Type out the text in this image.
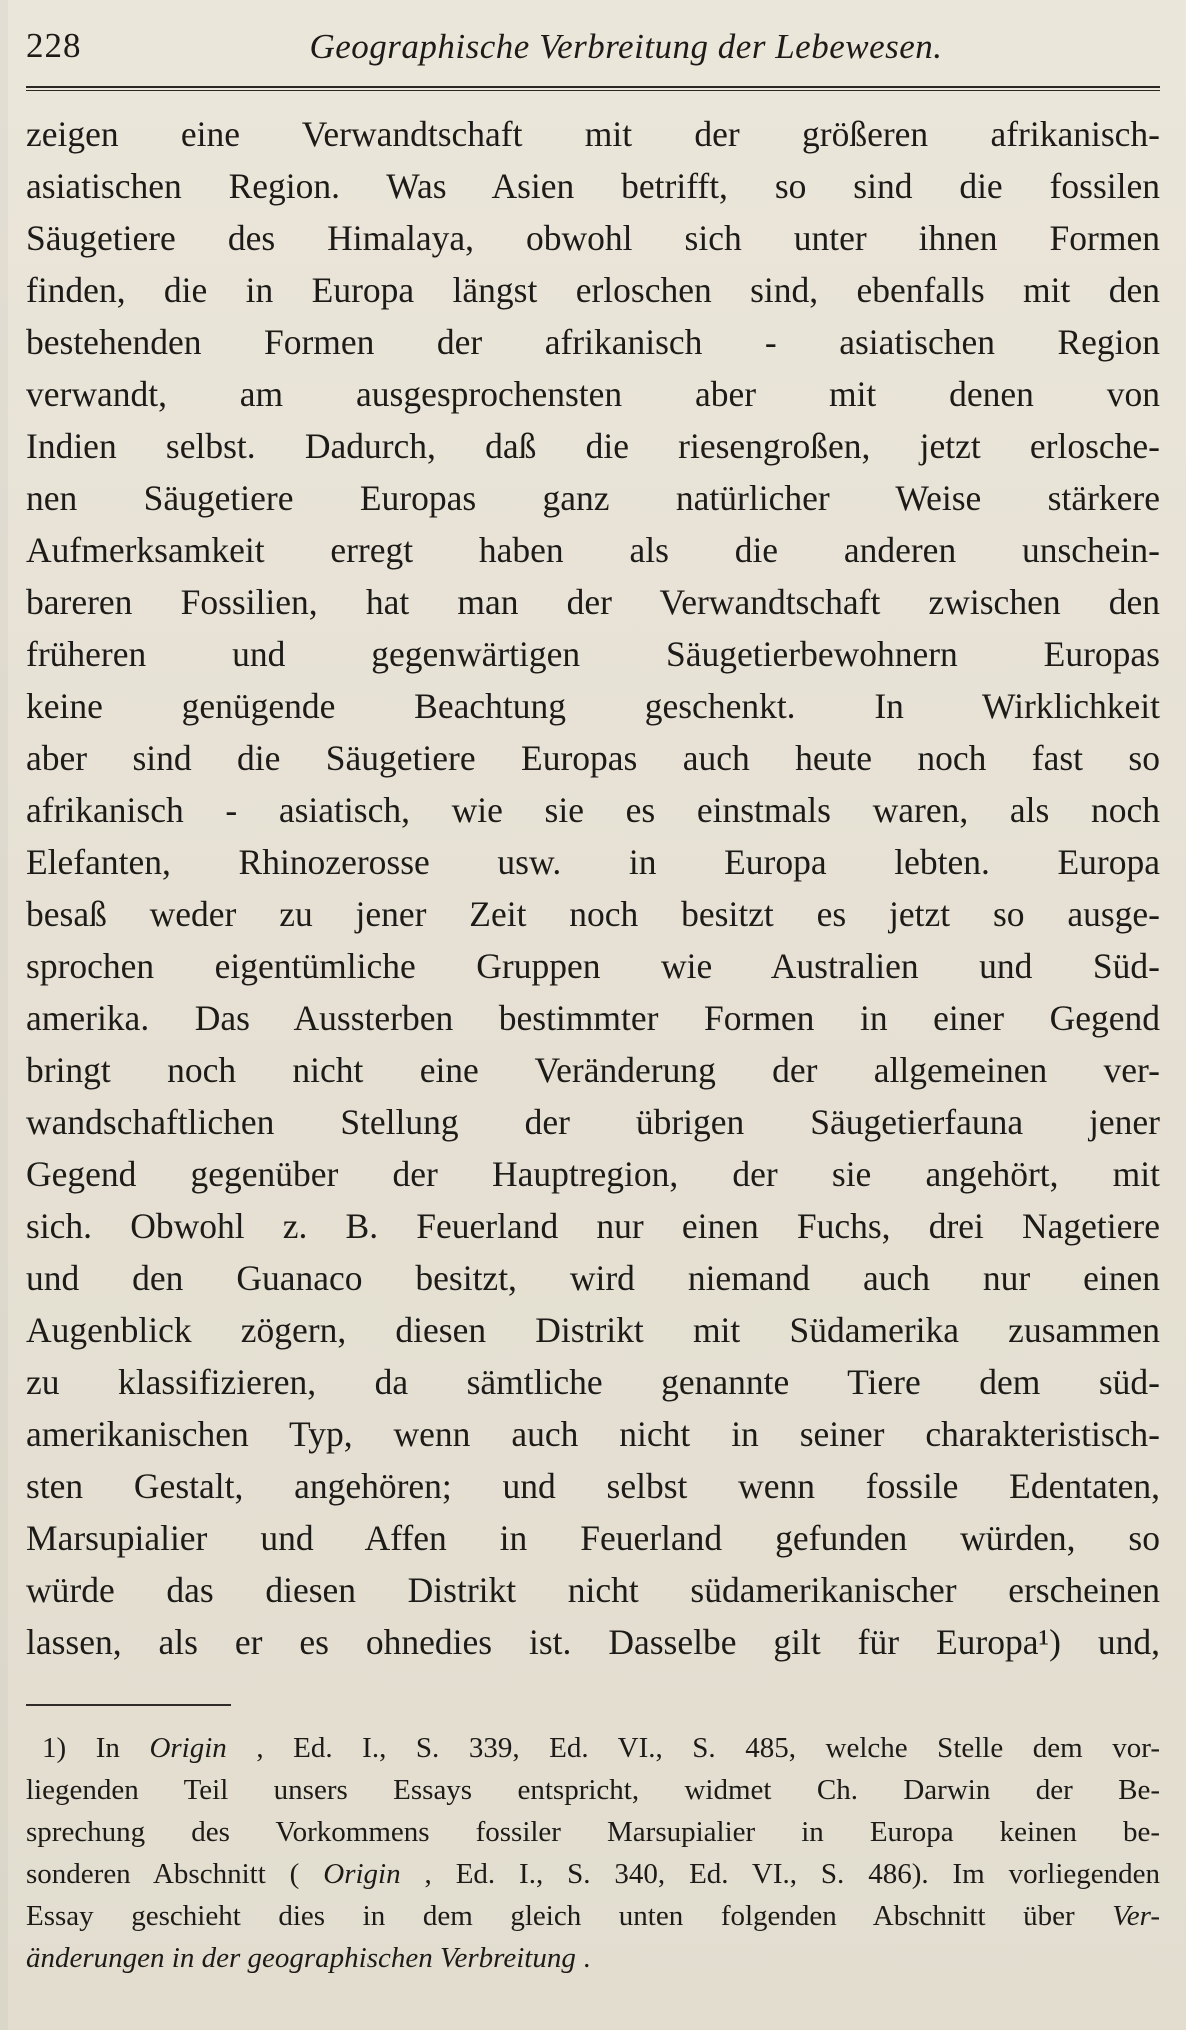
228	Geographische Verbreitung der Lebewesen.
zeigen eine Verwandtschaft mit der größeren afrikanisch-
asiatischen Region. Was Asien betrifft, so sind die fossilen
Säugetiere des Himalaya, obwohl sich unter ihnen Formen
finden, die in Europa längst erloschen sind, ebenfalls mit den
bestehenden Formen der afrikanisch - asiatischen Region
verwandt, am ausgesprochensten aber mit denen von
Indien selbst. Dadurch, daß die riesengroßen, jetzt erlosche-
nen Säugetiere Europas ganz natürlicher Weise stärkere
Aufmerksamkeit erregt haben als die anderen unschein-
bareren Fossilien, hat man der Verwandtschaft zwischen den
früheren und gegenwärtigen Säugetierbewohnern Europas
keine genügende Beachtung geschenkt. In Wirklichkeit
aber sind die Säugetiere Europas auch heute noch fast so
afrikanisch - asiatisch, wie sie es einstmals waren, als noch
Elefanten, Rhinozerosse usw. in Europa lebten. Europa
besaß weder zu jener Zeit noch besitzt es jetzt so ausge-
sprochen eigentümliche Gruppen wie Australien und Süd-
amerika. Das Aussterben bestimmter Formen in einer Gegend
bringt noch nicht eine Veränderung der allgemeinen ver-
wandschaftlichen Stellung der übrigen Säugetierfauna jener
Gegend gegenüber der Hauptregion, der sie angehört, mit
sich. Obwohl z. B. Feuerland nur einen Fuchs, drei Nagetiere
und den Guanaco besitzt, wird niemand auch nur einen
Augenblick zögern, diesen Distrikt mit Südamerika zusammen
zu klassifizieren, da sämtliche genannte Tiere dem süd-
amerikanischen Typ, wenn auch nicht in seiner charakteristisch-
sten Gestalt, angehören; und selbst wenn fossile Edentaten,
Marsupialier und Affen in Feuerland gefunden würden, so
würde das diesen Distrikt nicht südamerikanischer erscheinen
lassen, als er es ohnedies ist. Dasselbe gilt für Europa¹) und,
1) In Origin , Ed. I., S. 339, Ed. VI., S. 485, welche Stelle dem vor-
liegenden Teil unsers Essays entspricht, widmet Ch. Darwin der Be-
sprechung des Vorkommens fossiler Marsupialier in Europa keinen be-
sonderen Abschnitt ( Origin , Ed. I., S. 340, Ed. VI., S. 486). Im vorliegenden
Essay geschieht dies in dem gleich unten folgenden Abschnitt über Ver-
änderungen in der geographischen Verbreitung .
